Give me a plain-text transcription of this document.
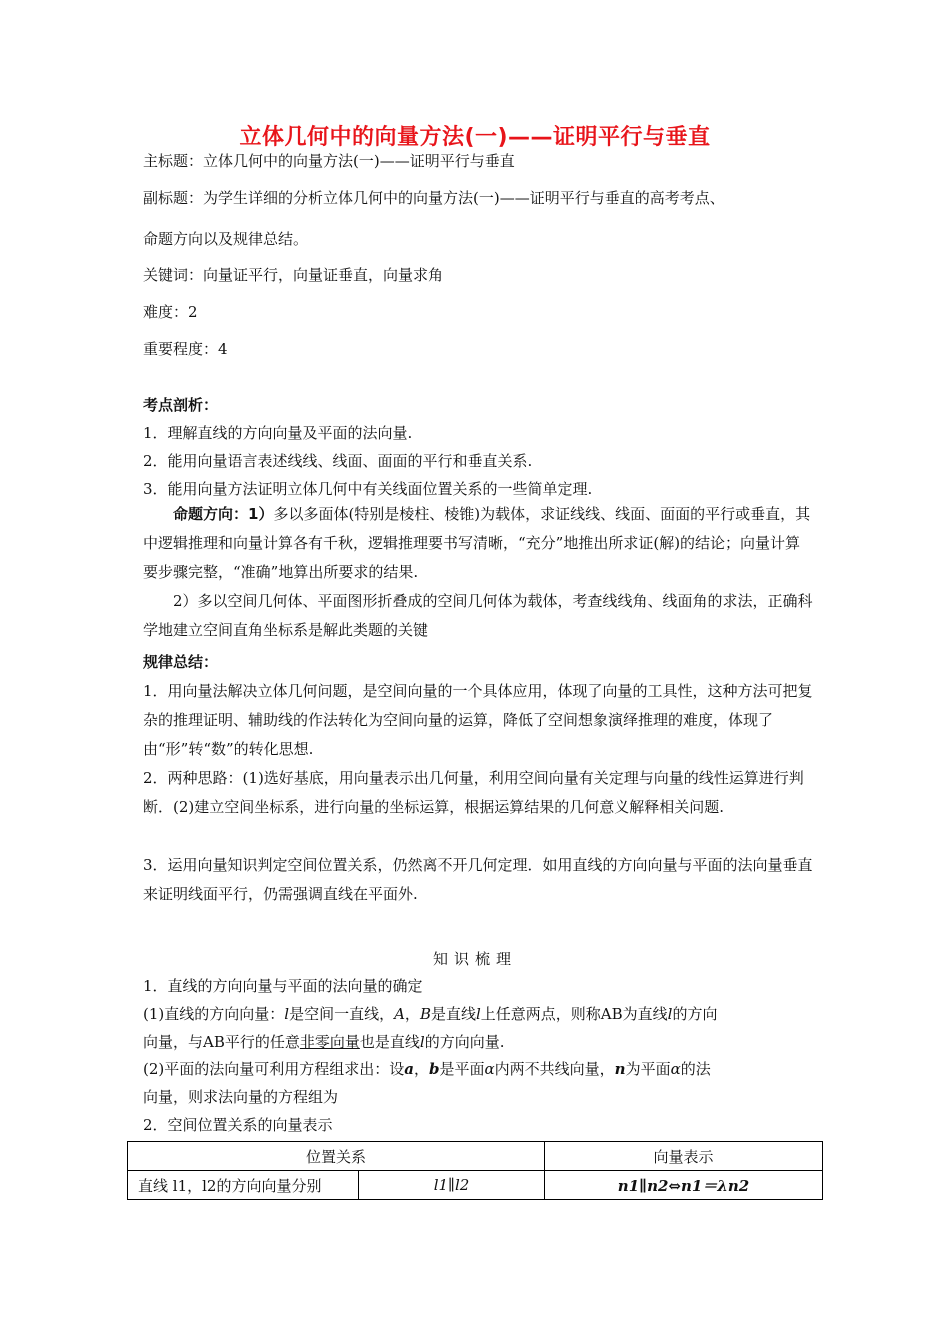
立体几何中的向量方法(一)——证明平行与垂直
主标题：立体几何中的向量方法(一)——证明平行与垂直
副标题：为学生详细的分析立体几何中的向量方法(一)——证明平行与垂直的高考考点、
命题方向以及规律总结。
关键词：向量证平行，向量证垂直，向量求角
难度：2
重要程度：4
考点剖析：
1．理解直线的方向向量及平面的法向量.
2．能用向量语言表述线线、线面、面面的平行和垂直关系.
3．能用向量方法证明立体几何中有关线面位置关系的一些简单定理.
命题方向：1）多以多面体(特别是棱柱、棱锥)为载体，求证线线、线面、面面的平行或垂直，其中逻辑推理和向量计算各有千秋，逻辑推理要书写清晰，“充分”地推出所求证(解)的结论；向量计算要步骤完整，“准确”地算出所要求的结果.
2）多以空间几何体、平面图形折叠成的空间几何体为载体，考查线线角、线面角的求法，正确科学地建立空间直角坐标系是解此类题的关键
规律总结：
1．用向量法解决立体几何问题，是空间向量的一个具体应用，体现了向量的工具性，这种方法可把复杂的推理证明、辅助线的作法转化为空间向量的运算，降低了空间想象演绎推理的难度，体现了由“形”转“数”的转化思想.
2．两种思路：(1)选好基底，用向量表示出几何量，利用空间向量有关定理与向量的线性运算进行判断．(2)建立空间坐标系，进行向量的坐标运算，根据运算结果的几何意义解释相关问题.
3．运用向量知识判定空间位置关系，仍然离不开几何定理．如用直线的方向向量与平面的法向量垂直来证明线面平行，仍需强调直线在平面外.
知识梳理
1．直线的方向向量与平面的法向量的确定
(1)直线的方向向量：l是空间一直线，A，B是直线l上任意两点，则称AB为直线l的方向
向量，与AB平行的任意非零向量也是直线l的方向向量.
(2)平面的法向量可利用方程组求出：设a，b是平面α内两不共线向量，n为平面α的法
向量，则求法向量的方程组为
2．空间位置关系的向量表示
位置关系		向量表示
直线 l1，l2的方向向量分别	l1∥l2	n1∥n2⇔n1＝λn2
